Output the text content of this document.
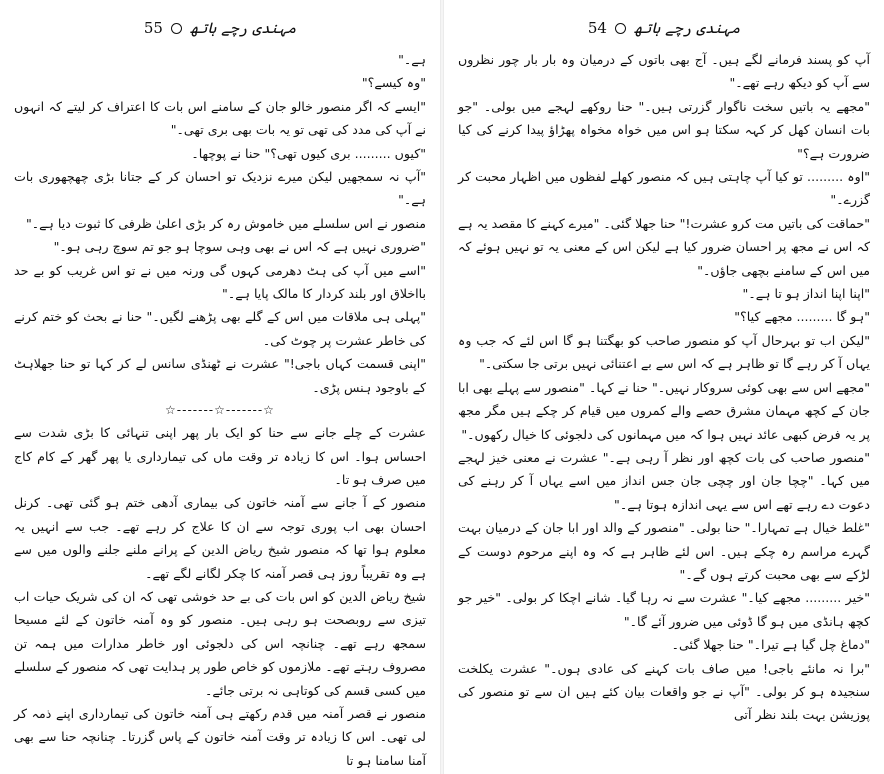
55 مہندی رچے ہاتھ

ہے۔"

"وہ کیسے؟"

"ایسے کہ اگر منصور خالو جان کے سامنے اس بات کا اعتراف کر لیتے کہ انہوں نے آپ کی مدد کی تھی تو یہ بات بھی بری تھی۔"

"کیوں ......... بری کیوں تھی؟" حنا نے پوچھا۔

"آپ نہ سمجھیں لیکن میرے نزدیک تو احسان کر کے جتانا بڑی چھچھوری بات ہے۔"

منصور نے اس سلسلے میں خاموش رہ کر بڑی اعلیٰ ظرفی کا ثبوت دیا ہے۔"

"ضروری نہیں ہے کہ اس نے بھی وہی سوچا ہو جو تم سوچ رہی ہو۔"

"اسے میں آپ کی ہٹ دھرمی کہوں گی ورنہ میں نے تو اس غریب کو بے حد بااخلاق اور بلند کردار کا مالک پایا ہے۔"

"پہلی ہی ملاقات میں اس کے گلے بھی پڑھنے لگیں۔" حنا نے بحث کو ختم کرنے کی خاطر عشرت پر چوٹ کی۔

"اپنی قسمت کہاں باجی!" عشرت نے ٹھنڈی سانس لے کر کہا تو حنا جھلاہٹ کے باوجود ہنس پڑی۔

☆-------☆-------☆

عشرت کے چلے جانے سے حنا کو ایک بار پھر اپنی تنہائی کا بڑی شدت سے احساس ہوا۔ اس کا زیادہ تر وقت ماں کی تیمارداری یا پھر گھر کے کام کاج میں صرف ہو تا۔

منصور کے آ جانے سے آمنہ خاتون کی بیماری آدھی ختم ہو گئی تھی۔ کرنل احسان بھی اب پوری توجہ سے ان کا علاج کر رہے تھے۔ جب سے انہیں یہ معلوم ہوا تھا کہ منصور شیخ ریاض الدین کے پرانے ملنے جلنے والوں میں سے ہے وہ تقریباً روز ہی قصر آمنہ کا چکر لگانے لگے تھے۔

شیخ ریاض الدین کو اس بات کی بے حد خوشی تھی کہ ان کی شریک حیات اب تیزی سے روبصحت ہو رہی ہیں۔ منصور کو وہ آمنہ خاتون کے لئے مسیحا سمجھ رہے تھے۔ چنانچہ اس کی دلجوئی اور خاطر مدارات میں ہمہ تن مصروف رہتے تھے۔ ملازموں کو خاص طور پر ہدایت تھی کہ منصور کے سلسلے میں کسی قسم کی کوتاہی نہ برتی جائے۔

منصور نے قصر آمنہ میں قدم رکھتے ہی آمنہ خاتون کی تیمارداری اپنے ذمہ کر لی تھی۔ اس کا زیادہ تر وقت آمنہ خاتون کے پاس گزرتا۔ چنانچہ حنا سے بھی آمنا سامنا ہو تا

54 مہندی رچے ہاتھ

آپ کو پسند فرمانے لگے ہیں۔ آج بھی باتوں کے درمیان وہ بار بار چور نظروں سے آپ کو دیکھ رہے تھے۔"

"مجھے یہ باتیں سخت ناگوار گزرتی ہیں۔" حنا روکھے لہجے میں بولی۔ "جو بات انسان کھل کر کہہ سکتا ہو اس میں خواہ مخواہ پھڑاؤ پیدا کرنے کی کیا ضرورت ہے؟"

"اوہ ......... تو کیا آپ چاہتی ہیں کہ منصور کھلے لفظوں میں اظہار محبت کر گزرے۔"

"حماقت کی باتیں مت کرو عشرت!" حنا جھلا گئی۔ "میرے کہنے کا مقصد یہ ہے کہ اس نے مجھ پر احسان ضرور کیا ہے لیکن اس کے معنی یہ تو نہیں ہوئے کہ میں اس کے سامنے بچھی جاؤں۔"

"اپنا اپنا انداز ہو تا ہے۔"

"ہو گا ......... مجھے کیا؟"

"لیکن اب تو بہرحال آپ کو منصور صاحب کو بھگتنا ہو گا اس لئے کہ جب وہ یہاں آ کر رہے گا تو ظاہر ہے کہ اس سے بے اعتنائی نہیں برتی جا سکتی۔"

"مجھے اس سے بھی کوئی سروکار نہیں۔" حنا نے کہا۔ "منصور سے پہلے بھی ابا جان کے کچھ مہمان مشرق حصے والے کمروں میں قیام کر چکے ہیں مگر مجھ پر یہ فرض کبھی عائد نہیں ہوا کہ میں مہمانوں کی دلجوئی کا خیال رکھوں۔"

"منصور صاحب کی بات کچھ اور نظر آ رہی ہے۔" عشرت نے معنی خیز لہجے میں کہا۔ "چچا جان اور چچی جان جس انداز میں اسے یہاں آ کر رہنے کی دعوت دے رہے تھے اس سے یہی اندازہ ہوتا ہے۔"

"غلط خیال ہے تمہارا۔" حنا بولی۔ "منصور کے والد اور ابا جان کے درمیان بہت گہرے مراسم رہ چکے ہیں۔ اس لئے ظاہر ہے کہ وہ اپنے مرحوم دوست کے لڑکے سے بھی محبت کرتے ہوں گے۔"

"خیر ......... مجھے کیا۔" عشرت سے نہ رہا گیا۔ شانے اچکا کر بولی۔ "خیر جو کچھ ہانڈی میں ہو گا ڈوئی میں ضرور آئے گا۔"

"دماغ چل گیا ہے تیرا۔" حنا جھلا گئی۔

"برا نہ مانئے باجی! میں صاف بات کہنے کی عادی ہوں۔" عشرت یکلخت سنجیدہ ہو کر بولی۔ "آپ نے جو واقعات بیان کئے ہیں ان سے تو منصور کی پوزیشن بہت بلند نظر آتی
